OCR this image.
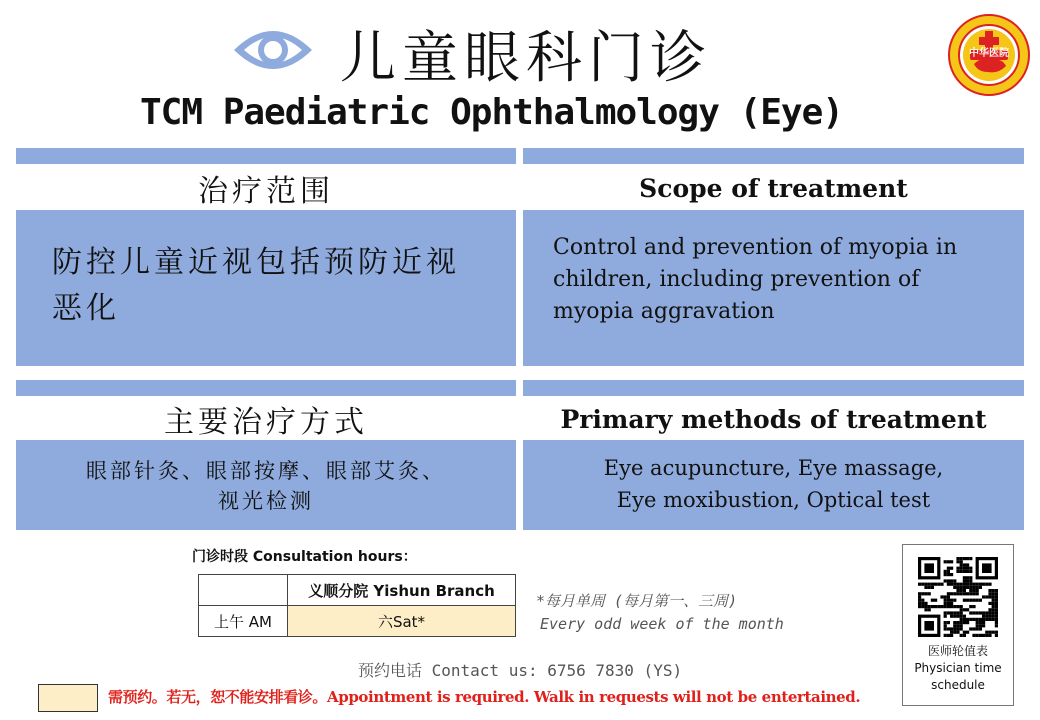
儿童眼科门诊
TCM Paediatric Ophthalmology (Eye)
中华医院
治疗范围	Scope of treatment
防控儿童近视包括预防近视恶化
Control and prevention of myopia in children, including prevention of myopia aggravation
主要治疗方式	Primary methods of treatment
眼部针灸、眼部按摩、眼部艾灸、
视光检测
Eye acupuncture, Eye massage,
Eye moxibustion, Optical test
门诊时段 Consultation hours：
	义顺分院 Yishun Branch
上午 AM	六Sat*
*每月单周 (每月第一、三周)
Every odd week of the month
预约电话 Contact us: 6756 7830 (YS)
需预约。若无，恕不能安排看诊。Appointment is required. Walk in requests will not be entertained.
医师轮值表
Physician time
schedule
